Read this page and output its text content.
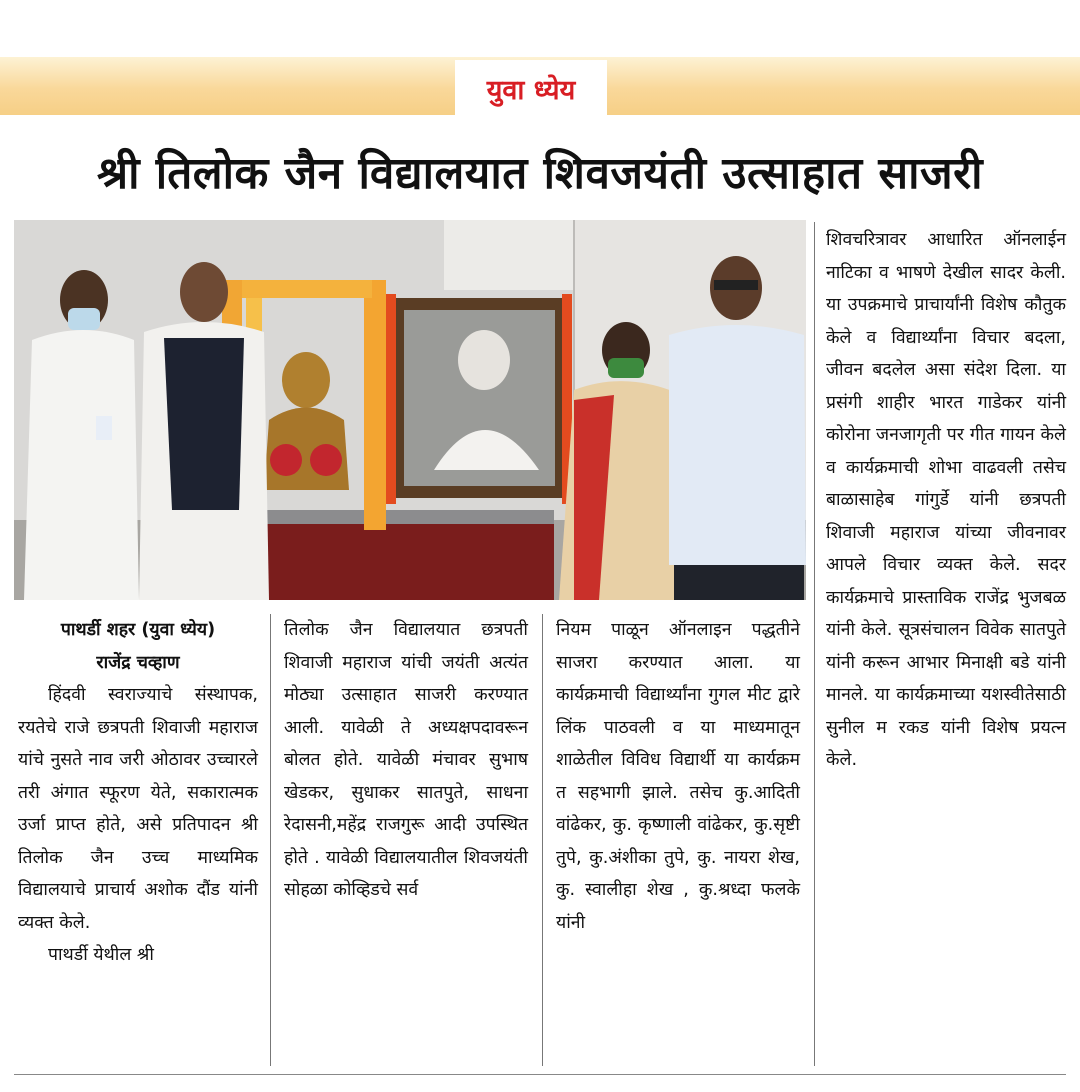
युवा ध्येय
श्री तिलोक जैन विद्यालयात शिवजयंती उत्साहात साजरी

पाथर्डी शहर (युवा ध्येय)

राजेंद्र चव्हाण

हिंदवी स्वराज्याचे संस्थापक, रयतेचे राजे छत्रपती शिवाजी महाराज यांचे नुसते नाव जरी ओठावर उच्चारले तरी अंगात स्फूरण येते, सकारात्मक उर्जा प्राप्त होते, असे प्रतिपादन श्री तिलोक जैन उच्च माध्यमिक विद्यालयाचे प्राचार्य अशोक दौंड यांनी व्यक्त केले.

पाथर्डी येथील श्री

तिलोक जैन विद्यालयात छत्रपती शिवाजी महाराज यांची जयंती अत्यंत मोठ्या उत्साहात साजरी करण्यात आली. यावेळी ते अध्यक्षपदावरून बोलत होते. यावेळी मंचावर सुभाष खेडकर, सुधाकर सातपुते, साधना रेदासनी,महेंद्र राजगुरू आदी उपस्थित होते . यावेळी विद्यालयातील शिवजयंती सोहळा कोव्हिडचे सर्व

नियम पाळून ऑनलाइन पद्धतीने साजरा करण्यात आला. या कार्यक्रमाची विद्यार्थ्यांना गुगल मीट द्वारे लिंक पाठवली व या माध्यमातून शाळेतील विविध विद्यार्थी या कार्यक्रम त सहभागी झाले. तसेच कु.आदिती वांढेकर, कु. कृष्णाली वांढेकर, कु.सृष्टी तुपे, कु.अंशीका तुपे, कु. नायरा शेख, कु. स्वालीहा शेख , कु.श्रध्दा फलके यांनी

शिवचरित्रावर आधारित ऑनलाईन नाटिका व भाषणे देखील सादर केली. या उपक्रमाचे प्राचार्यांनी विशेष कौतुक केले व विद्यार्थ्यांना विचार बदला, जीवन बदलेल असा संदेश दिला. या प्रसंगी शाहीर भारत गाडेकर यांनी कोरोना जनजागृती पर गीत गायन केले व कार्यक्रमाची शोभा वाढवली तसेच बाळासाहेब गांगुर्डे यांनी छत्रपती शिवाजी महाराज यांच्या जीवनावर आपले विचार व्यक्त केले. सदर कार्यक्रमाचे प्रास्ताविक राजेंद्र भुजबळ यांनी केले. सूत्रसंचालन विवेक सातपुते यांनी करून आभार मिनाक्षी बडे यांनी मानले. या कार्यक्रमाच्या यशस्वीतेसाठी सुनील म रकड यांनी विशेष प्रयत्न केले.
